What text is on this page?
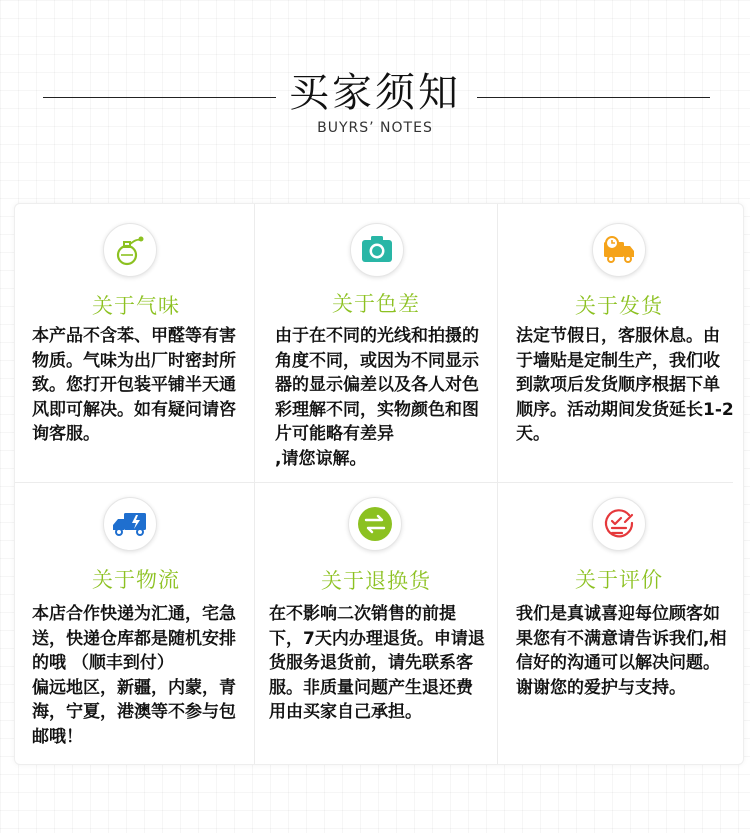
买家须知
BUYRS’ NOTES
关于气味
本产品不含苯、甲醛等有害物质。气味为出厂时密封所致。您打开包装平铺半天通风即可解决。如有疑问请咨询客服。
关于色差
由于在不同的光线和拍摄的角度不同，或因为不同显示器的显示偏差以及各人对色彩理解不同，实物颜色和图片可能略有差异
,请您谅解。
关于发货
法定节假日，客服休息。由于墙贴是定制生产，我们收到款项后发货顺序根据下单顺序。活动期间发货延长1-2天。
关于物流
本店合作快递为汇通，宅急送，快递仓库都是随机安排的哦 （顺丰到付）
偏远地区，新疆，内蒙，青海，宁夏，港澳等不参与包邮哦！
关于退换货
在不影响二次销售的前提下，7天内办理退货。申请退货服务退货前，请先联系客服。非质量问题产生退还费用由买家自己承担。
关于评价
我们是真诚喜迎每位顾客如果您有不满意请告诉我们,相信好的沟通可以解决问题。谢谢您的爱护与支持。
